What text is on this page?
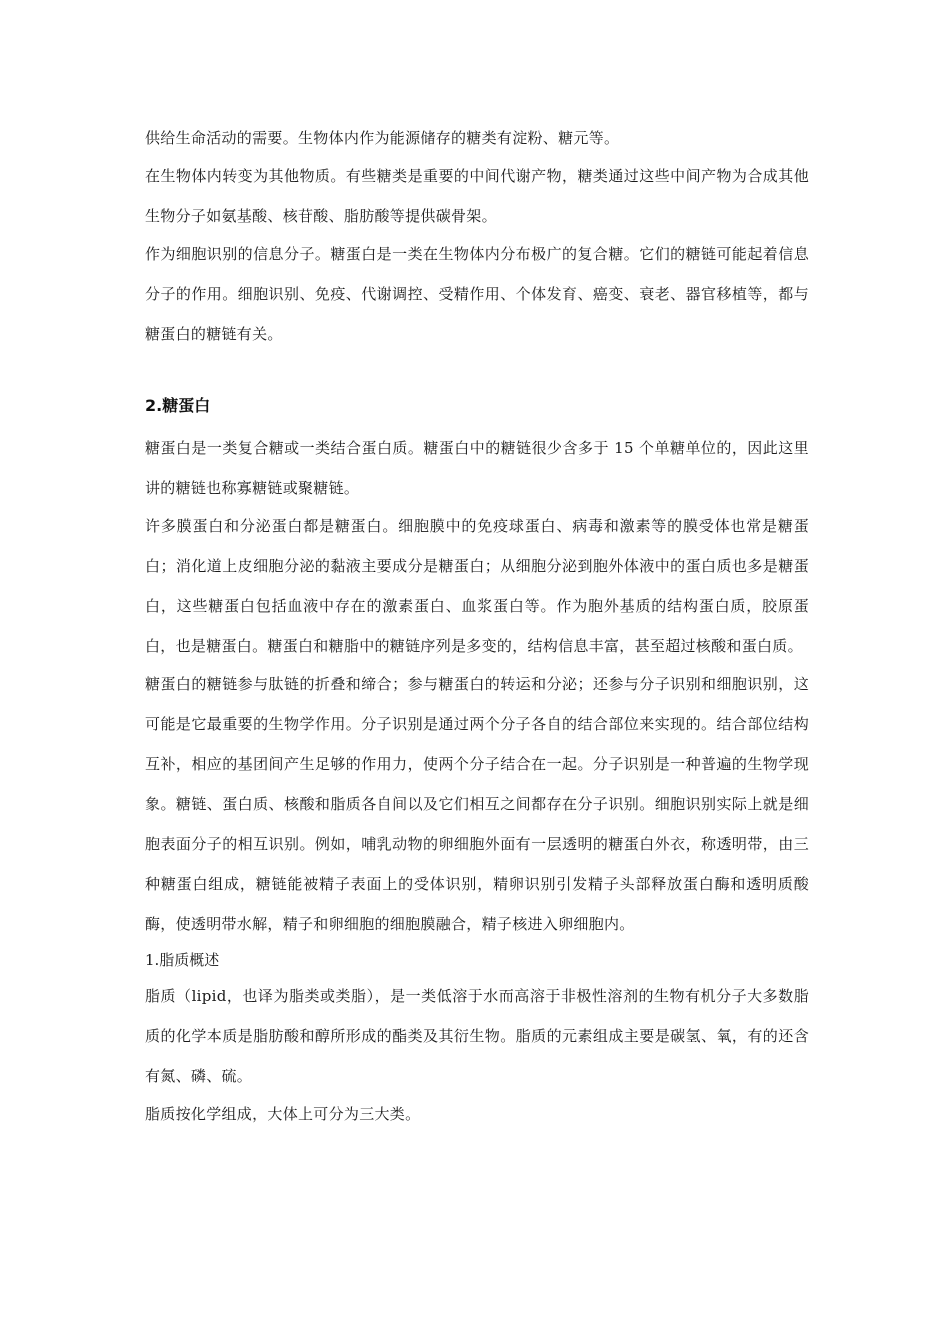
供给生命活动的需要。生物体内作为能源储存的糖类有淀粉、糖元等。

在生物体内转变为其他物质。有些糖类是重要的中间代谢产物，糖类通过这些中间产物为合成其他生物分子如氨基酸、核苷酸、脂肪酸等提供碳骨架。

作为细胞识别的信息分子。糖蛋白是一类在生物体内分布极广的复合糖。它们的糖链可能起着信息分子的作用。细胞识别、免疫、代谢调控、受精作用、个体发育、癌变、衰老、器官移植等，都与糖蛋白的糖链有关。

2.糖蛋白

糖蛋白是一类复合糖或一类结合蛋白质。糖蛋白中的糖链很少含多于 15 个单糖单位的，因此这里讲的糖链也称寡糖链或聚糖链。

许多膜蛋白和分泌蛋白都是糖蛋白。细胞膜中的免疫球蛋白、病毒和激素等的膜受体也常是糖蛋白；消化道上皮细胞分泌的黏液主要成分是糖蛋白；从细胞分泌到胞外体液中的蛋白质也多是糖蛋白，这些糖蛋白包括血液中存在的激素蛋白、血浆蛋白等。作为胞外基质的结构蛋白质，胶原蛋白，也是糖蛋白。糖蛋白和糖脂中的糖链序列是多变的，结构信息丰富，甚至超过核酸和蛋白质。

糖蛋白的糖链参与肽链的折叠和缔合；参与糖蛋白的转运和分泌；还参与分子识别和细胞识别，这可能是它最重要的生物学作用。分子识别是通过两个分子各自的结合部位来实现的。结合部位结构互补，相应的基团间产生足够的作用力，使两个分子结合在一起。分子识别是一种普遍的生物学现象。糖链、蛋白质、核酸和脂质各自间以及它们相互之间都存在分子识别。细胞识别实际上就是细胞表面分子的相互识别。例如，哺乳动物的卵细胞外面有一层透明的糖蛋白外衣，称透明带，由三种糖蛋白组成，糖链能被精子表面上的受体识别，精卵识别引发精子头部释放蛋白酶和透明质酸酶，使透明带水解，精子和卵细胞的细胞膜融合，精子核进入卵细胞内。

1.脂质概述

脂质（lipid，也译为脂类或类脂），是一类低溶于水而高溶于非极性溶剂的生物有机分子大多数脂质的化学本质是脂肪酸和醇所形成的酯类及其衍生物。脂质的元素组成主要是碳氢、氧，有的还含有氮、磷、硫。

脂质按化学组成，大体上可分为三大类。
